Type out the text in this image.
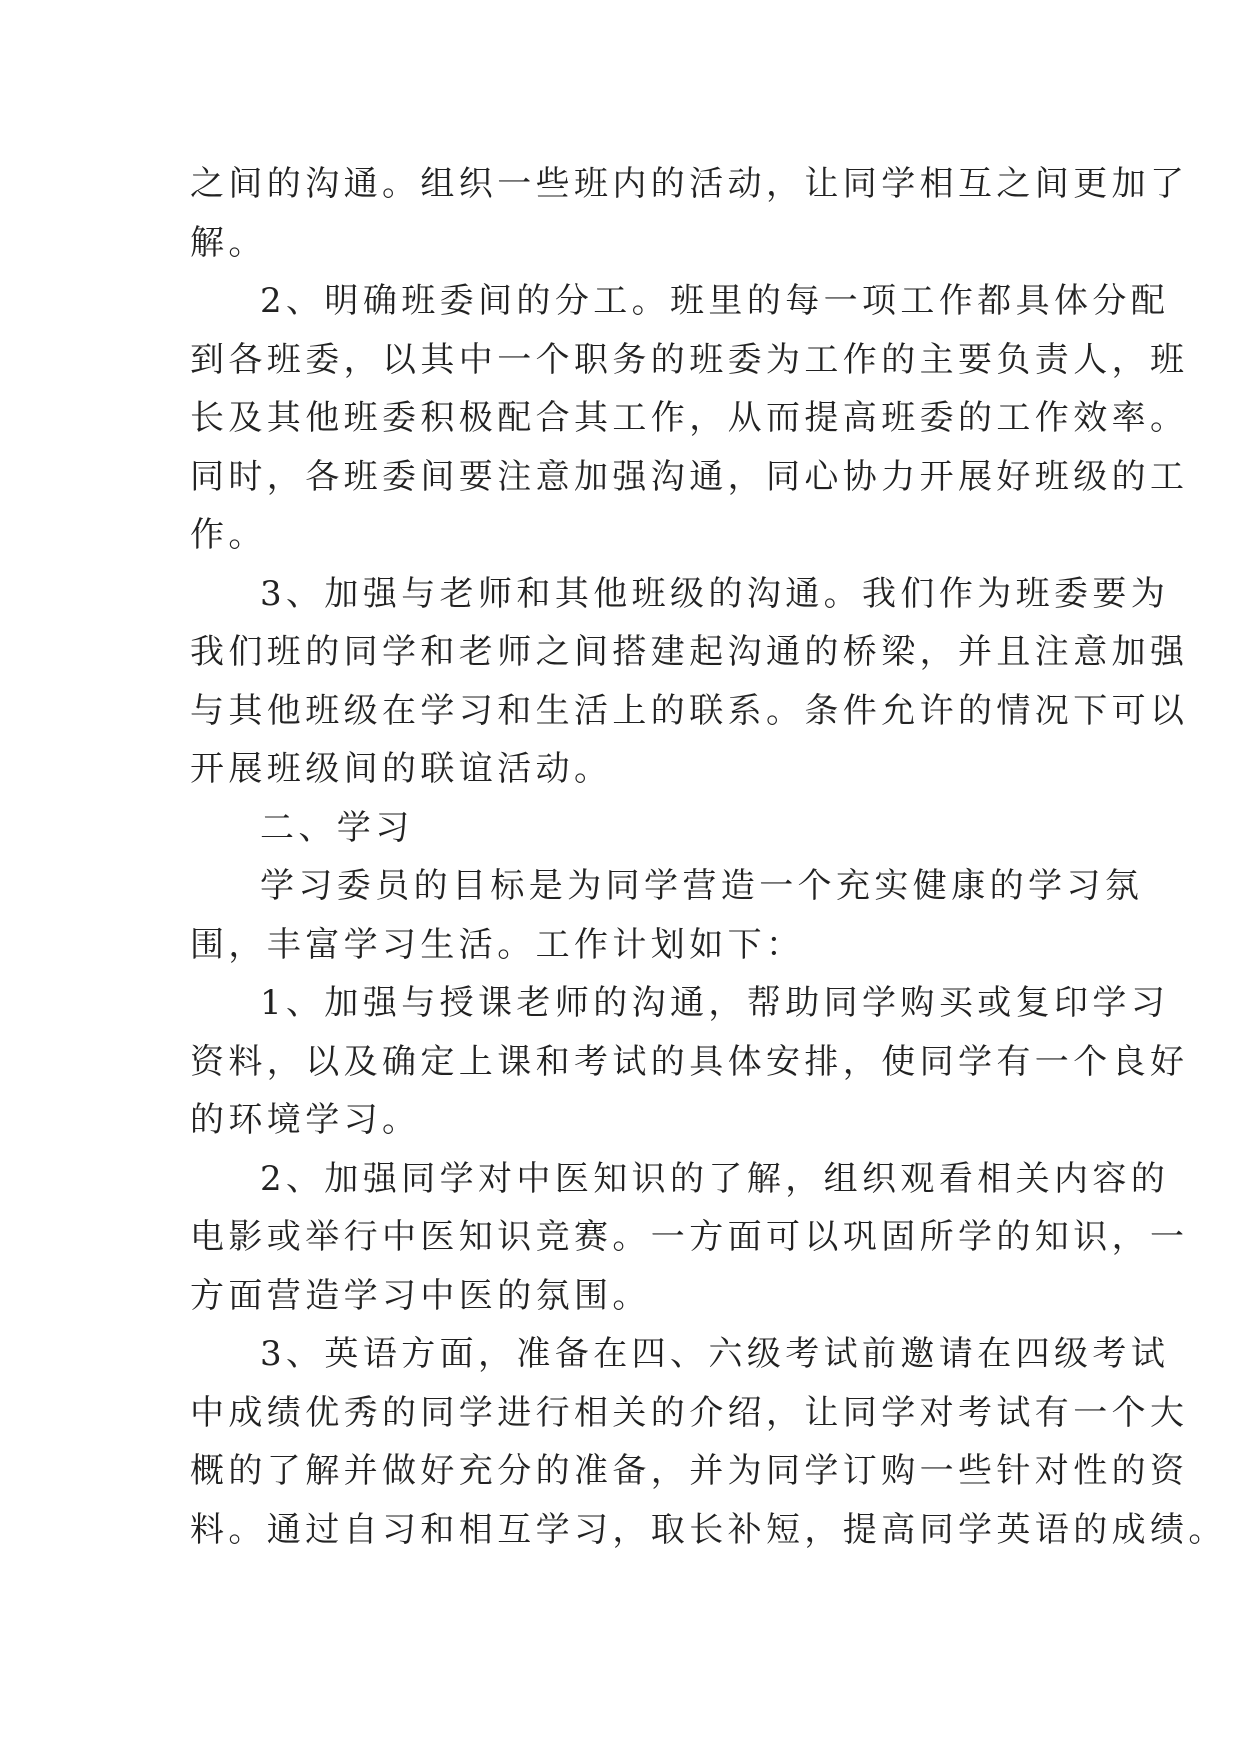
之间的沟通。组织一些班内的活动，让同学相互之间更加了
解。
2、明确班委间的分工。班里的每一项工作都具体分配
到各班委，以其中一个职务的班委为工作的主要负责人，班
长及其他班委积极配合其工作，从而提高班委的工作效率。
同时，各班委间要注意加强沟通，同心协力开展好班级的工
作。
3、加强与老师和其他班级的沟通。我们作为班委要为
我们班的同学和老师之间搭建起沟通的桥梁，并且注意加强
与其他班级在学习和生活上的联系。条件允许的情况下可以
开展班级间的联谊活动。
二、学习
学习委员的目标是为同学营造一个充实健康的学习氛
围，丰富学习生活。工作计划如下：
1、加强与授课老师的沟通，帮助同学购买或复印学习
资料，以及确定上课和考试的具体安排，使同学有一个良好
的环境学习。
2、加强同学对中医知识的了解，组织观看相关内容的
电影或举行中医知识竞赛。一方面可以巩固所学的知识，一
方面营造学习中医的氛围。
3、英语方面，准备在四、六级考试前邀请在四级考试
中成绩优秀的同学进行相关的介绍，让同学对考试有一个大
概的了解并做好充分的准备，并为同学订购一些针对性的资
料。通过自习和相互学习，取长补短，提高同学英语的成绩。
